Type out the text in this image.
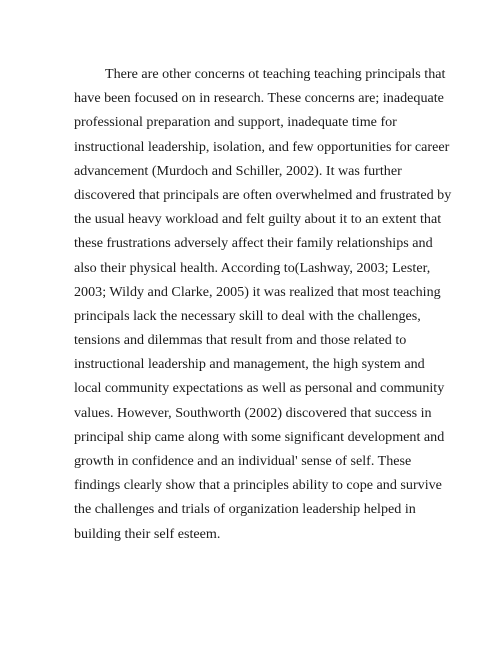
There are other concerns ot teaching teaching principals that
have been focused on in research. These concerns are; inadequate
professional preparation and support, inadequate time for
instructional leadership, isolation, and few opportunities for career
advancement (Murdoch and Schiller, 2002). It was further
discovered that principals are often overwhelmed and frustrated by
the usual heavy workload and felt guilty about it to an extent that
these frustrations adversely affect their family relationships and
also their physical health. According to(Lashway, 2003; Lester,
2003; Wildy and Clarke, 2005) it was realized that most teaching
principals lack the necessary skill to deal with the challenges,
tensions and dilemmas that result from and those related to
instructional leadership and management, the high system and
local community expectations as well as personal and community
values. However, Southworth (2002) discovered that success in
principal ship came along with some significant development and
growth in confidence and an individual' sense of self. These
findings clearly show that a principles ability to cope and survive
the challenges and trials of organization leadership helped in
building their self esteem.
